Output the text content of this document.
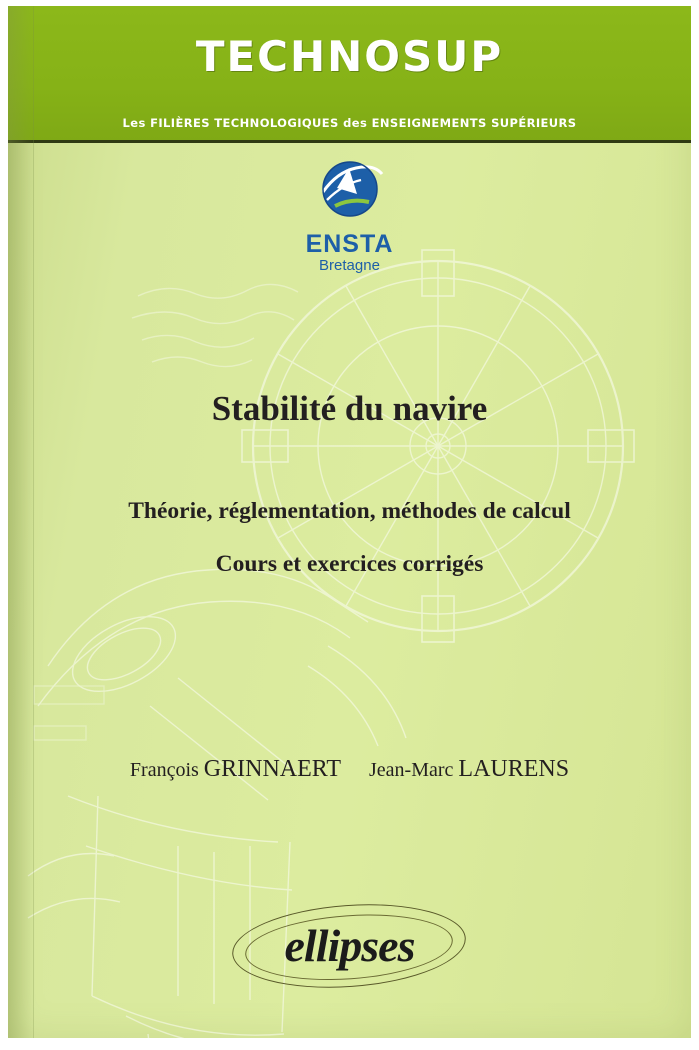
TECHNOSUP
Les FILIÈRES TECHNOLOGIQUES des ENSEIGNEMENTS SUPÉRIEURS
ENSTA
Bretagne
Stabilité du navire
Théorie, réglementation, méthodes de calcul
Cours et exercices corrigés
François GRINNAERT Jean-Marc LAURENS
ellipses
